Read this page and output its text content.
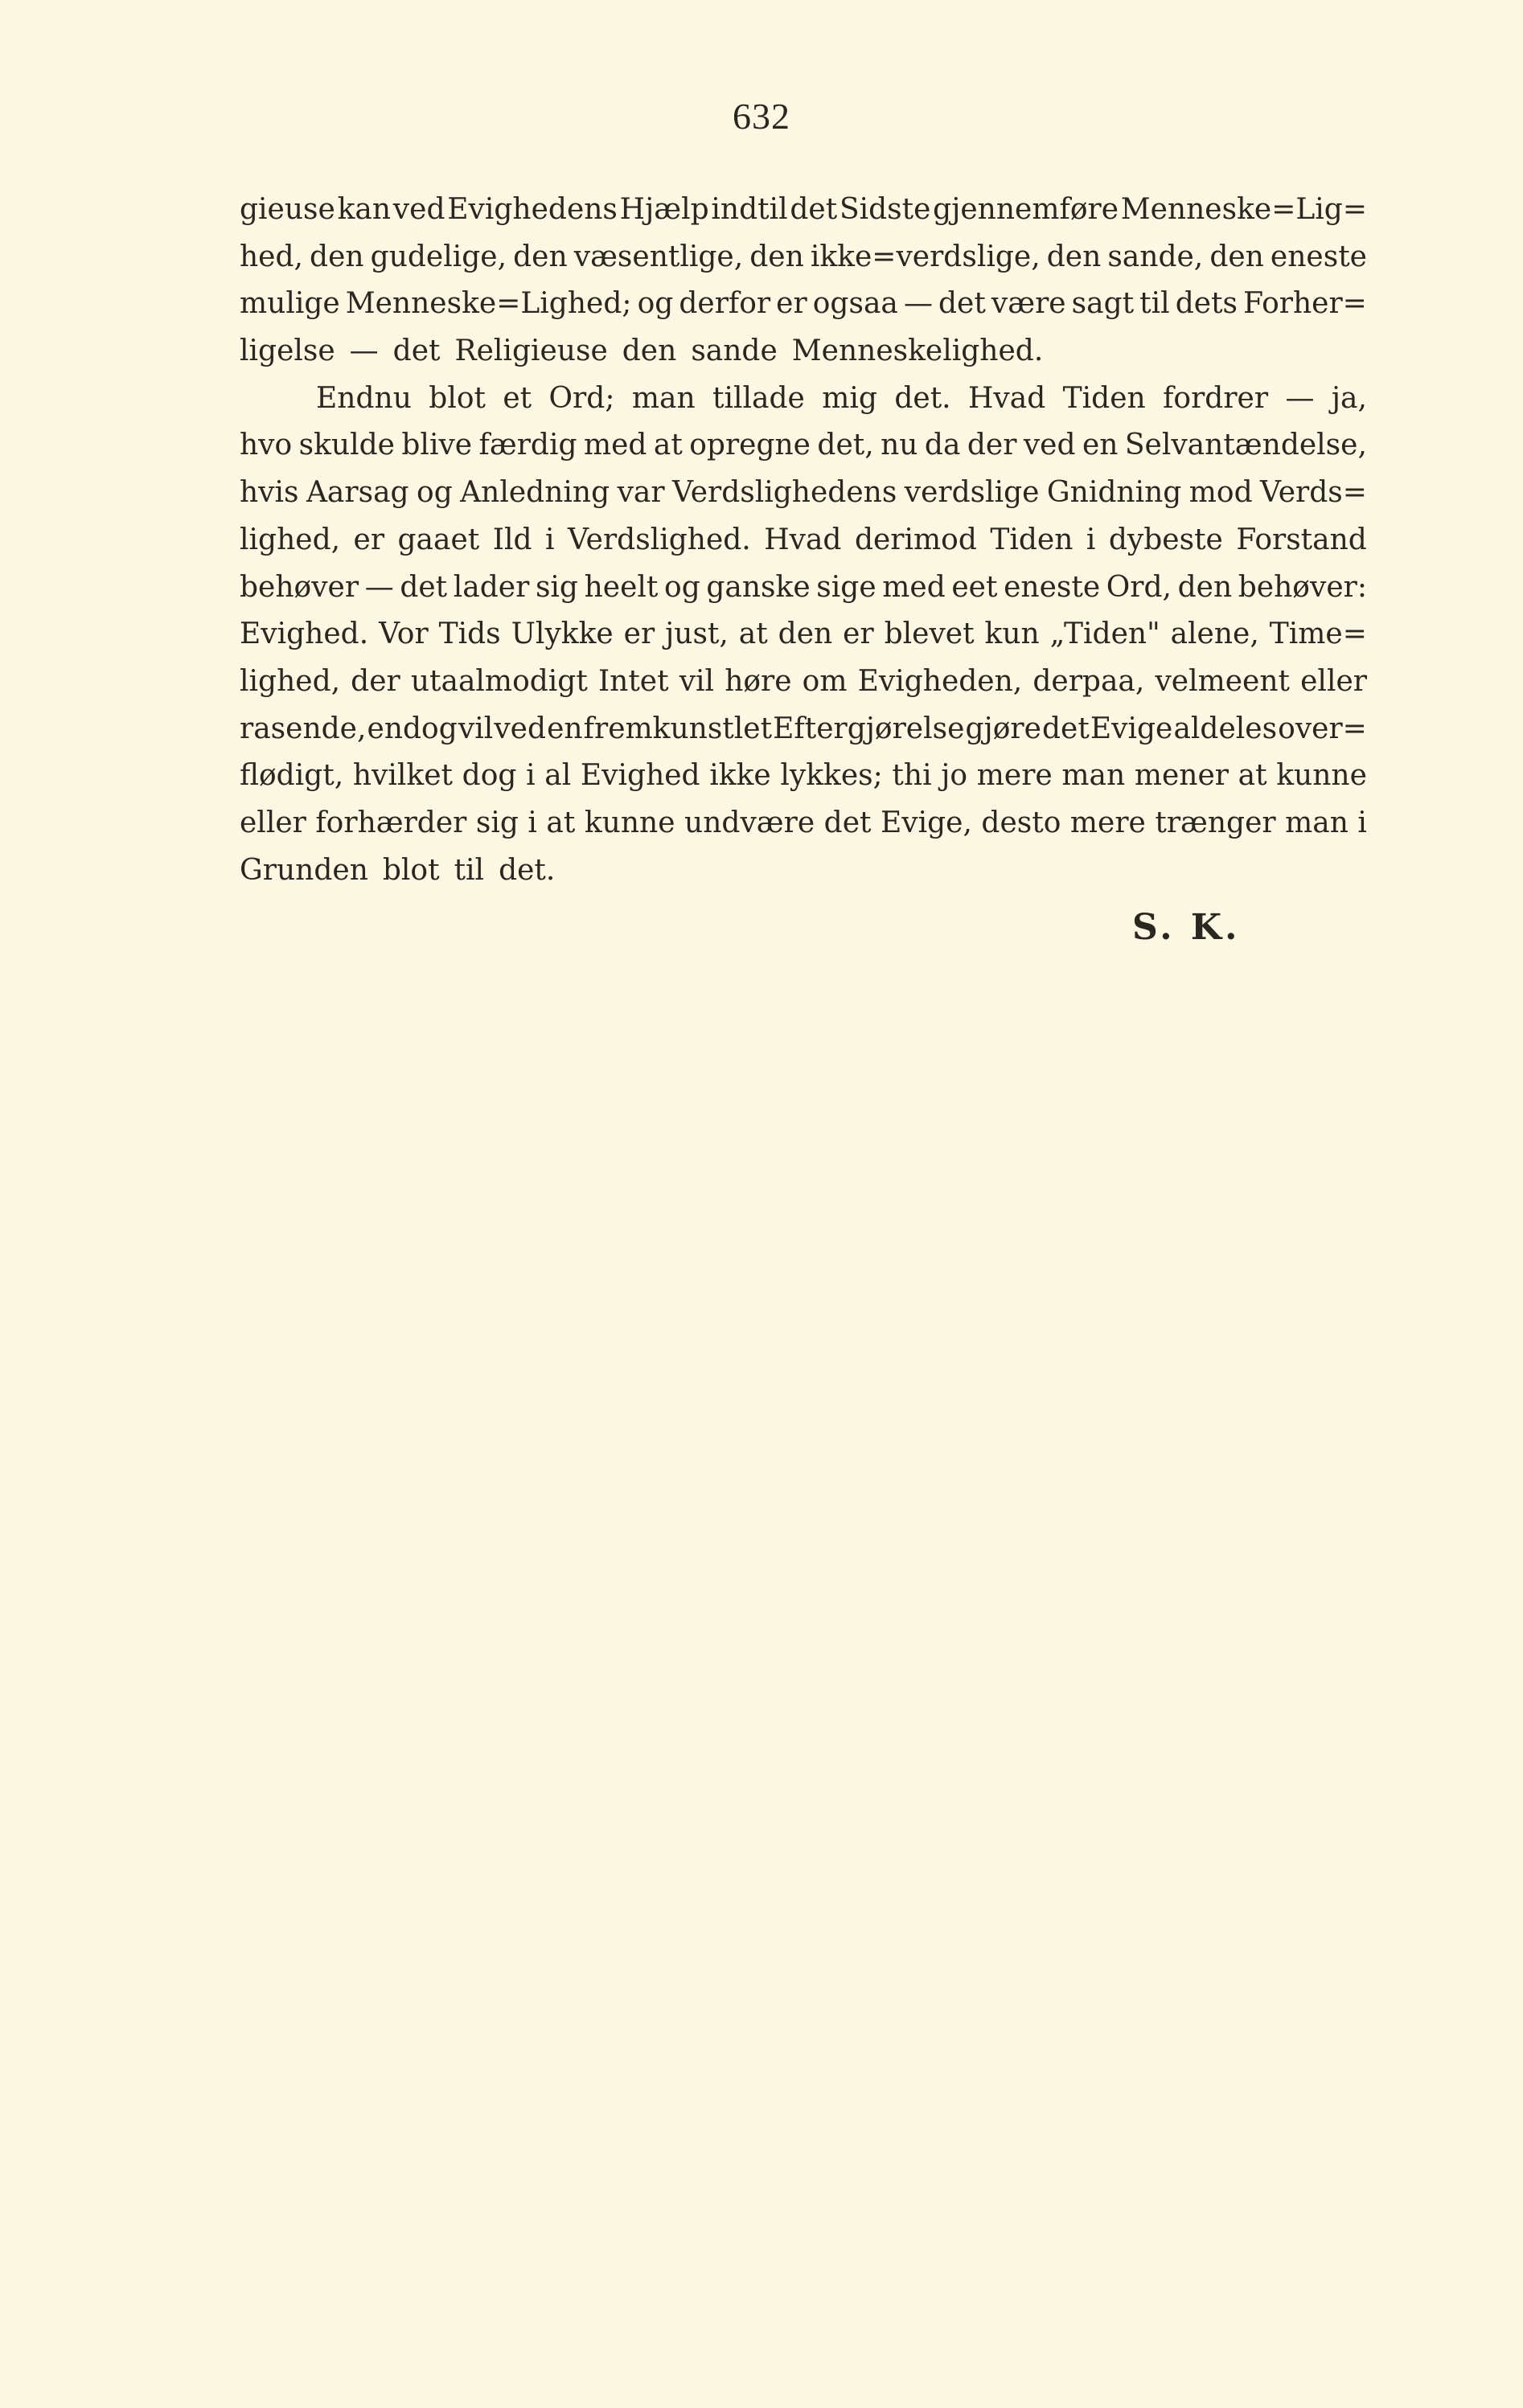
632
gieuse kan ved Evighedens Hjælp indtil det Sidste gjennemføre Menneske=Lig=
hed, den gudelige, den væsentlige, den ikke=verdslige, den sande, den eneste
mulige Menneske=Lighed; og derfor er ogsaa — det være sagt til dets Forher=
ligelse — det Religieuse den sande Menneskelighed.
Endnu blot et Ord; man tillade mig det. Hvad Tiden fordrer — ja,
hvo skulde blive færdig med at opregne det, nu da der ved en Selvantændelse,
hvis Aarsag og Anledning var Verdslighedens verdslige Gnidning mod Verds=
lighed, er gaaet Ild i Verdslighed. Hvad derimod Tiden i dybeste Forstand
behøver — det lader sig heelt og ganske sige med eet eneste Ord, den behøver:
Evighed. Vor Tids Ulykke er just, at den er blevet kun „Tiden" alene, Time=
lighed, der utaalmodigt Intet vil høre om Evigheden, derpaa, velmeent eller
rasende, endog vil ved en fremkunstlet Eftergjørelse gjøre det Evige aldeles over=
flødigt, hvilket dog i al Evighed ikke lykkes; thi jo mere man mener at kunne
eller forhærder sig i at kunne undvære det Evige, desto mere trænger man i
Grunden blot til det.
S. K.
